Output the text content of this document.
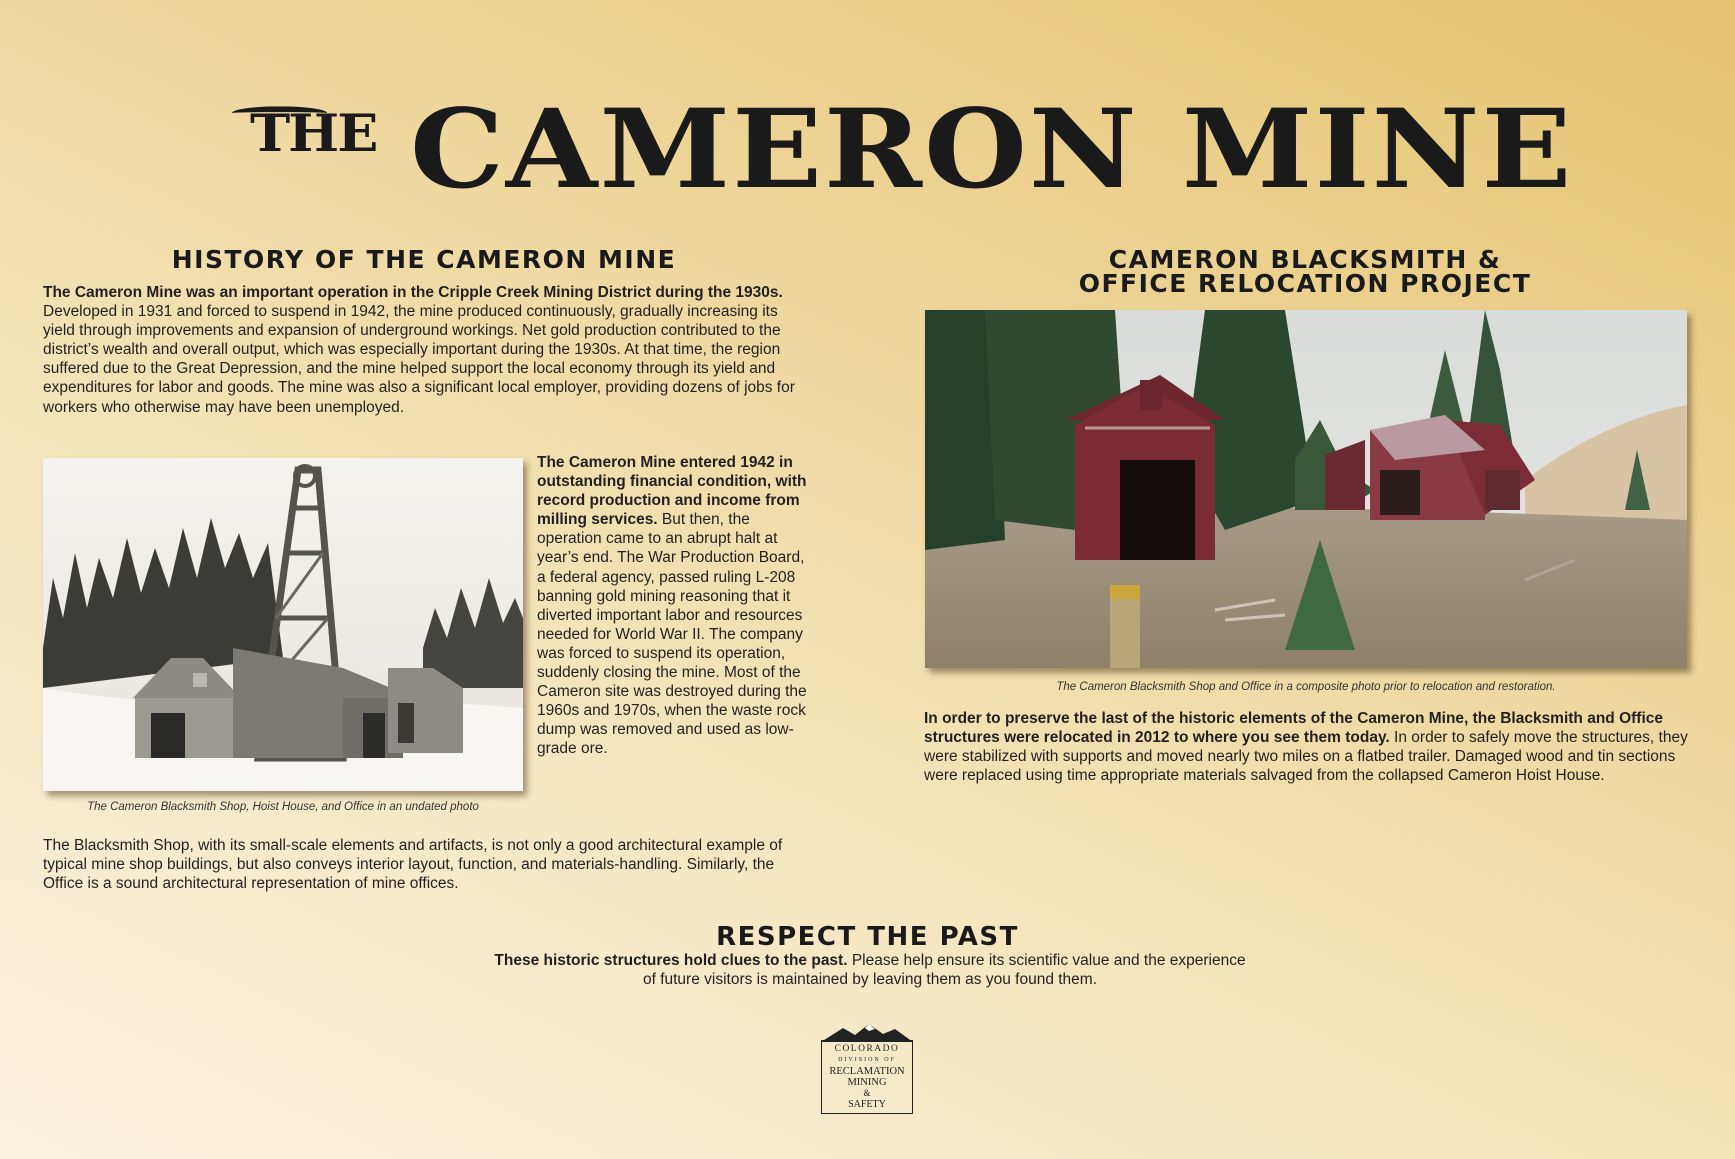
THE CAMERON MINE
HISTORY OF THE CAMERON MINE

The Cameron Mine was an important operation in the Cripple Creek Mining District during the 1930s. Developed in 1931 and forced to suspend in 1942, the mine produced continuously, gradually increasing its yield through improvements and expansion of underground workings. Net gold production contributed to the district’s wealth and overall output, which was especially important during the 1930s. At that time, the region suffered due to the Great Depression, and the mine helped support the local economy through its yield and expenditures for labor and goods. The mine was also a significant local employer, providing dozens of jobs for workers who otherwise may have been unemployed.

The Cameron Blacksmith Shop, Hoist House, and Office in an undated photo

The Cameron Mine entered 1942 in outstanding financial condition, with record production and income from milling services. But then, the operation came to an abrupt halt at year’s end. The War Production Board, a federal agency, passed ruling L-208 banning gold mining reasoning that it diverted important labor and resources needed for World War II. The company was forced to suspend its operation, suddenly closing the mine. Most of the Cameron site was destroyed during the 1960s and 1970s, when the waste rock dump was removed and used as low-grade ore.

The Blacksmith Shop, with its small-scale elements and artifacts, is not only a good architectural example of typical mine shop buildings, but also conveys interior layout, function, and materials-handling. Similarly, the Office is a sound architectural representation of mine offices.

CAMERON BLACKSMITH &
OFFICE RELOCATION PROJECT

The Cameron Blacksmith Shop and Office in a composite photo prior to relocation and restoration.

In order to preserve the last of the historic elements of the Cameron Mine, the Blacksmith and Office structures were relocated in 2012 to where you see them today. In order to safely move the structures, they were stabilized with supports and moved nearly two miles on a flatbed trailer. Damaged wood and tin sections were replaced using time appropriate materials salvaged from the collapsed Cameron Hoist House.

RESPECT THE PAST

These historic structures hold clues to the past. Please help ensure its scientific value and the experience of future visitors is maintained by leaving them as you found them.

COLORADO
DIVISION OF
RECLAMATION
MINING
&
SAFETY
